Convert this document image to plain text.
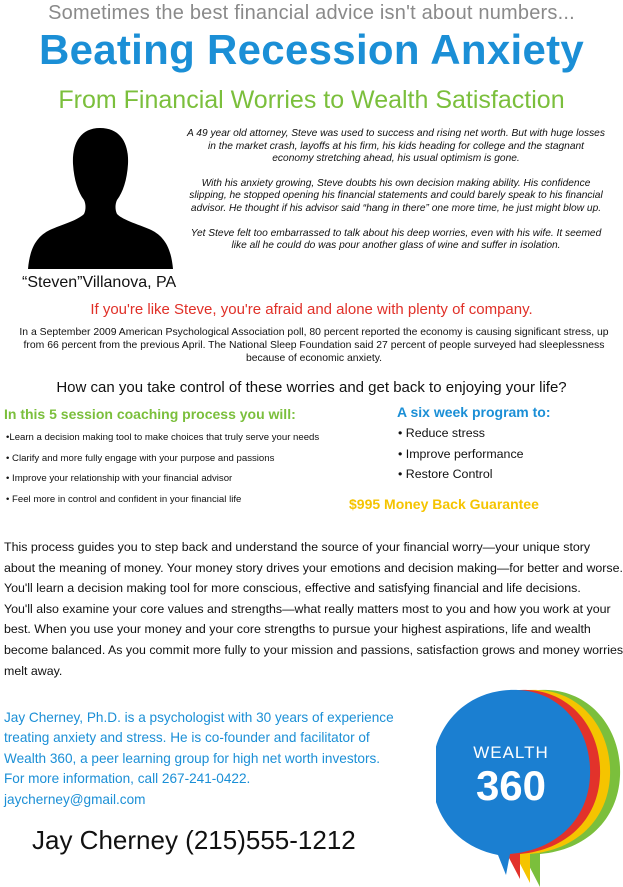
Sometimes the best financial advice isn't about numbers...
Beating Recession Anxiety
From Financial Worries to Wealth Satisfaction
“Steven”Villanova, PA

A 49 year old attorney, Steve was used to success and rising net worth. But with huge losses in the market crash, layoffs at his firm, his kids heading for college and the stagnant economy stretching ahead, his usual optimism is gone.

With his anxiety growing, Steve doubts his own decision making ability. His confidence slipping, he stopped opening his financial statements and could barely speak to his financial advisor. He thought if his advisor said “hang in there” one more time, he just might blow up.

Yet Steve felt too embarrassed to talk about his deep worries, even with his wife. It seemed like all he could do was pour another glass of wine and suffer in isolation.

If you're like Steve, you're afraid and alone with plenty of company.
In a September 2009 American Psychological Association poll, 80 percent reported the economy is causing significant stress, up from 66 percent from the previous April. The National Sleep Foundation said 27 percent of people surveyed had sleeplessness because of economic anxiety.
How can you take control of these worries and get back to enjoying your life?
In this 5 session coaching process you will:
•Learn a decision making tool to make choices that truly serve your needs
• Clarify and more fully engage with your purpose and passions
• Improve your relationship with your financial advisor
• Feel more in control and confident in your financial life
A six week program to:
• Reduce stress
• Improve performance
• Restore Control
$995 Money Back Guarantee

This process guides you to step back and understand the source of your financial worry—your unique story about the meaning of money. Your money story drives your emotions and decision making—for better and worse. You'll learn a decision making tool for more conscious, effective and satisfying financial and life decisions.

You'll also examine your core values and strengths—what really matters most to you and how you work at your best. When you use your money and your core strengths to pursue your highest aspirations, life and wealth become balanced. As you commit more fully to your mission and passions, satisfaction grows and money worries melt away.

Jay Cherney, Ph.D. is a psychologist with 30 years of experience
treating anxiety and stress. He is co-founder and facilitator of
Wealth 360, a peer learning group for high net worth investors.
For more information, call 267-241-0422.
jaycherney@gmail.com
Jay Cherney (215)555-1212
WEALTH
360
